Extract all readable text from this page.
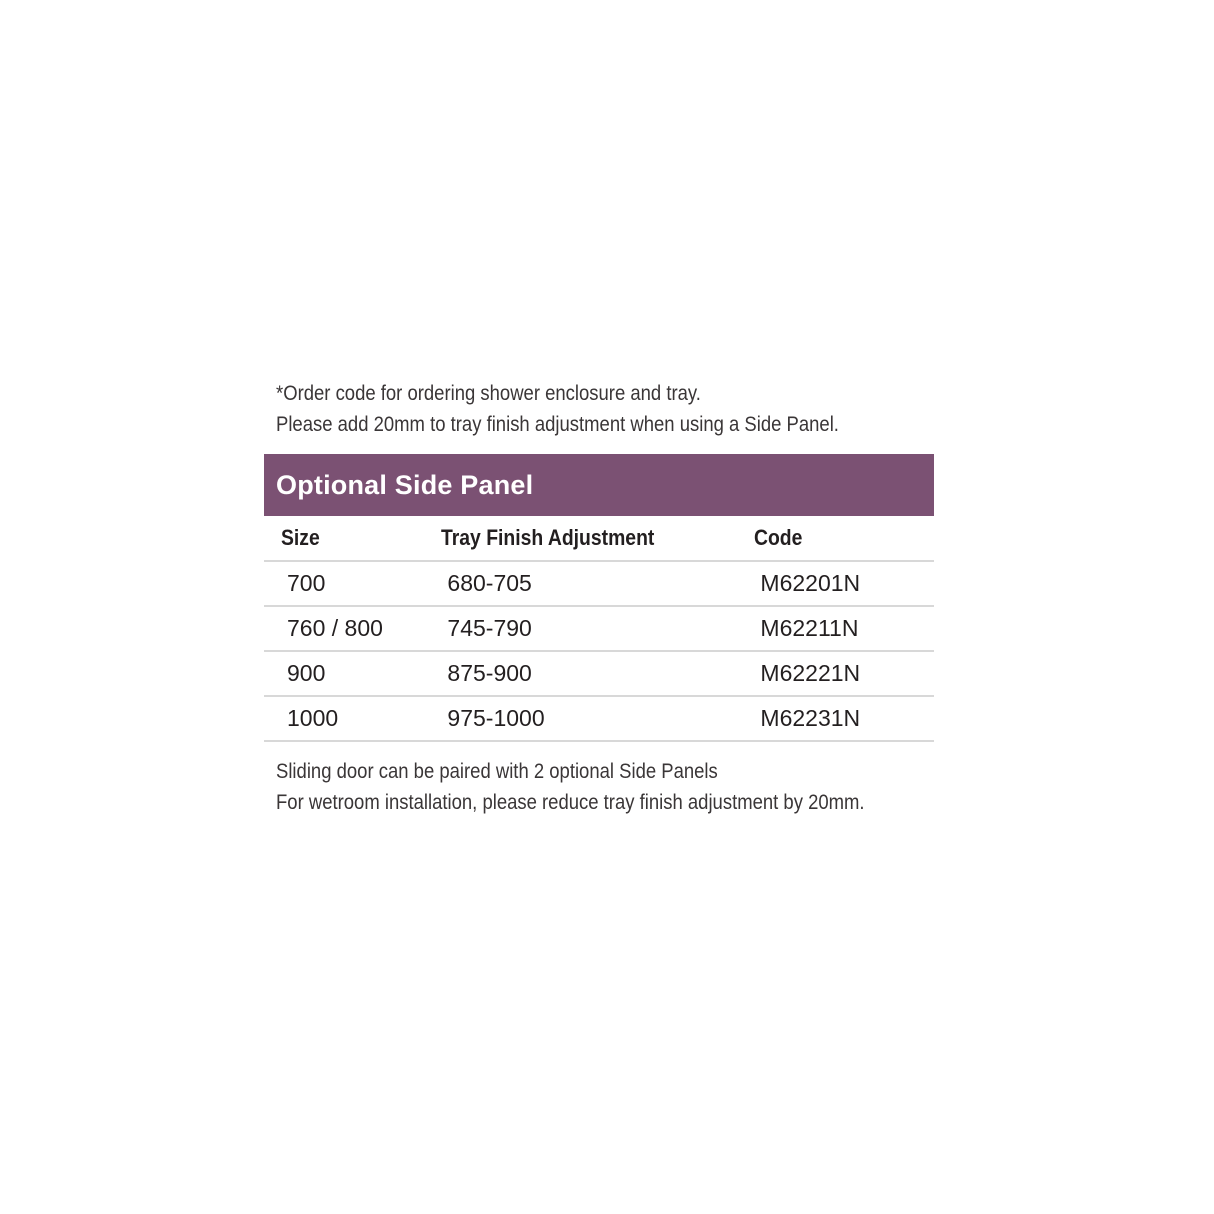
*Order code for ordering shower enclosure and tray.
Please add 20mm to tray finish adjustment when using a Side Panel.
Optional Side Panel
Size	Tray Finish Adjustment	Code
700	680-705	M62201N
760 / 800	745-790	M62211N
900	875-900	M62221N
1000	975-1000	M62231N
Sliding door can be paired with 2 optional Side Panels
For wetroom installation, please reduce tray finish adjustment by 20mm.
